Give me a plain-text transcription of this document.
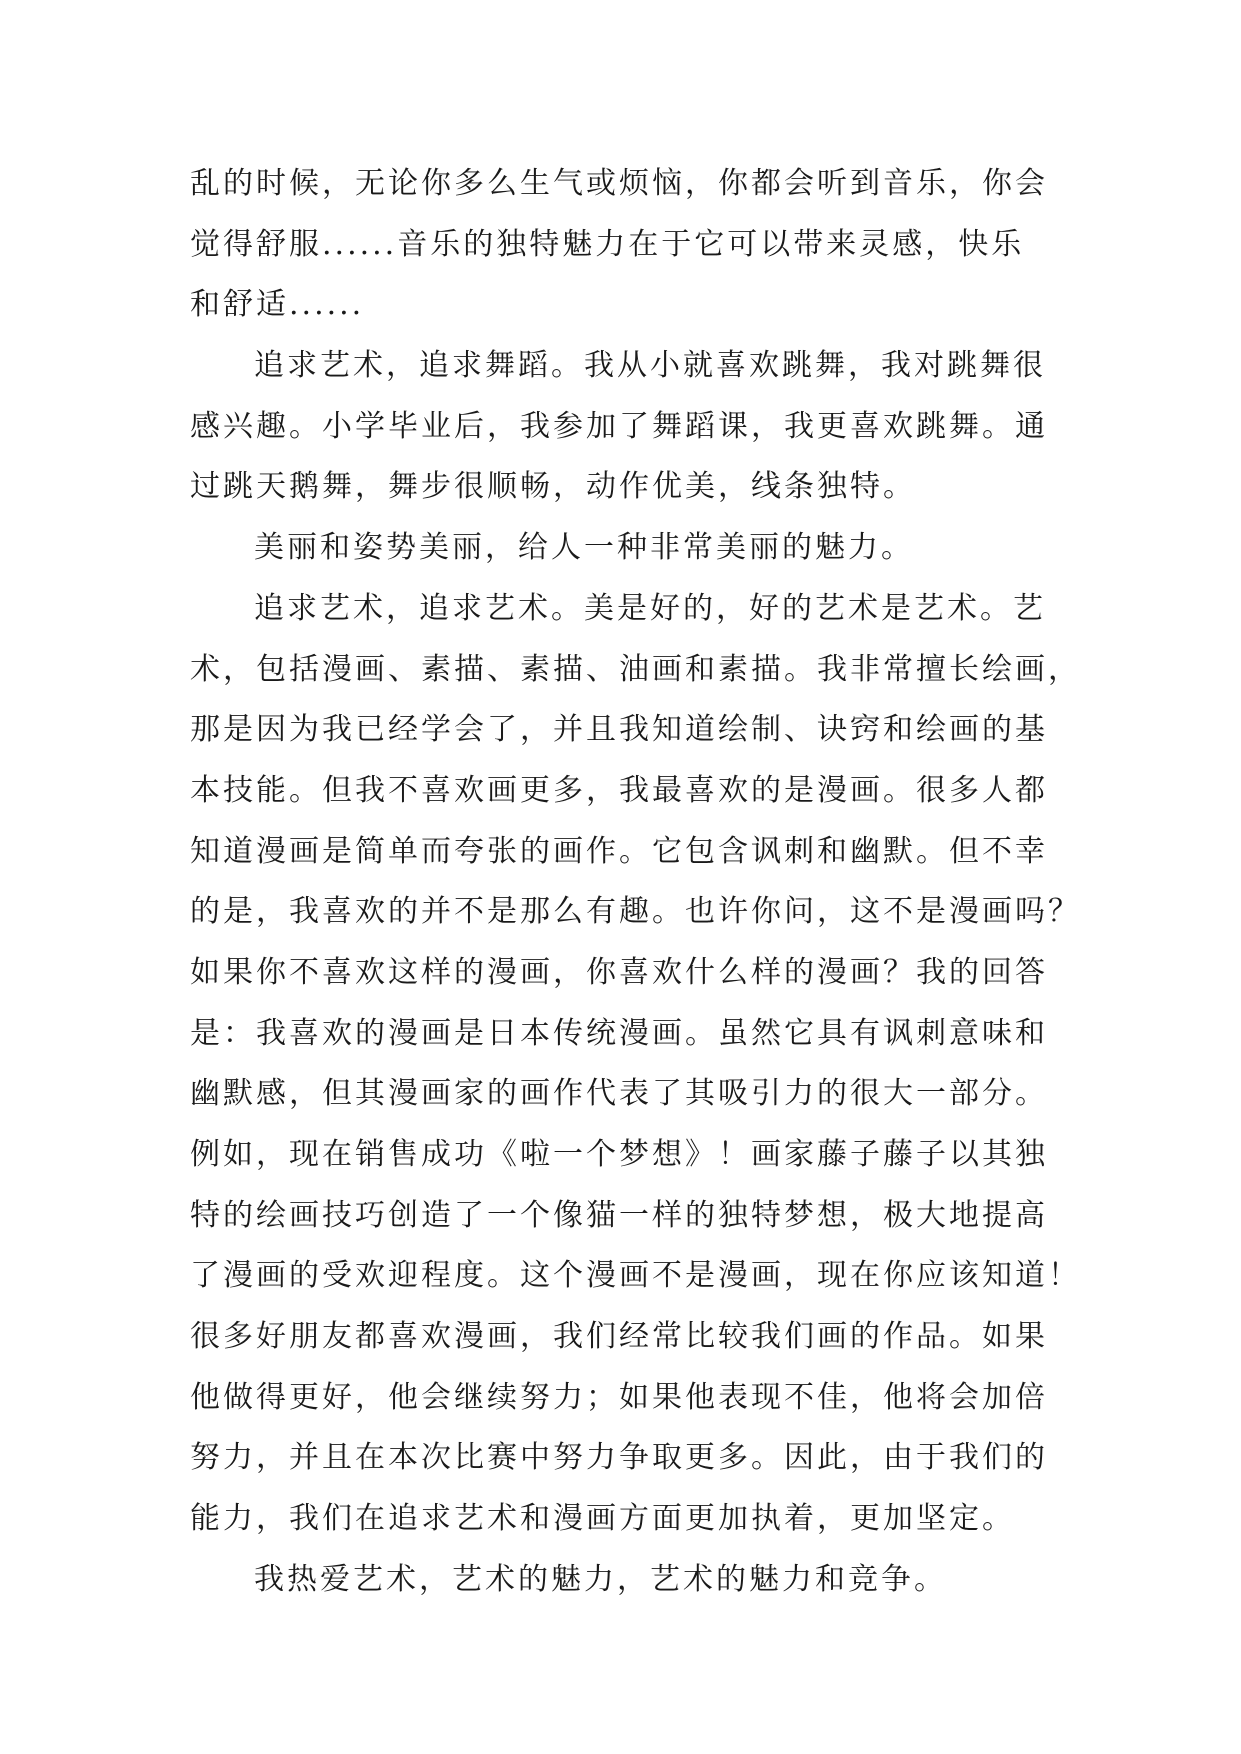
乱的时候，无论你多么生气或烦恼，你都会听到音乐，你会
觉得舒服......音乐的独特魅力在于它可以带来灵感，快乐
和舒适......
追求艺术，追求舞蹈。我从小就喜欢跳舞，我对跳舞很
感兴趣。小学毕业后，我参加了舞蹈课，我更喜欢跳舞。通
过跳天鹅舞，舞步很顺畅，动作优美，线条独特。
美丽和姿势美丽，给人一种非常美丽的魅力。
追求艺术，追求艺术。美是好的，好的艺术是艺术。艺
术，包括漫画、素描、素描、油画和素描。我非常擅长绘画，
那是因为我已经学会了，并且我知道绘制、诀窍和绘画的基
本技能。但我不喜欢画更多，我最喜欢的是漫画。很多人都
知道漫画是简单而夸张的画作。它包含讽刺和幽默。但不幸
的是，我喜欢的并不是那么有趣。也许你问，这不是漫画吗？
如果你不喜欢这样的漫画，你喜欢什么样的漫画？我的回答
是：我喜欢的漫画是日本传统漫画。虽然它具有讽刺意味和
幽默感，但其漫画家的画作代表了其吸引力的很大一部分。
例如，现在销售成功《啦一个梦想》！画家藤子藤子以其独
特的绘画技巧创造了一个像猫一样的独特梦想，极大地提高
了漫画的受欢迎程度。这个漫画不是漫画，现在你应该知道！
很多好朋友都喜欢漫画，我们经常比较我们画的作品。如果
他做得更好，他会继续努力；如果他表现不佳，他将会加倍
努力，并且在本次比赛中努力争取更多。因此，由于我们的
能力，我们在追求艺术和漫画方面更加执着，更加坚定。
我热爱艺术，艺术的魅力，艺术的魅力和竞争。
